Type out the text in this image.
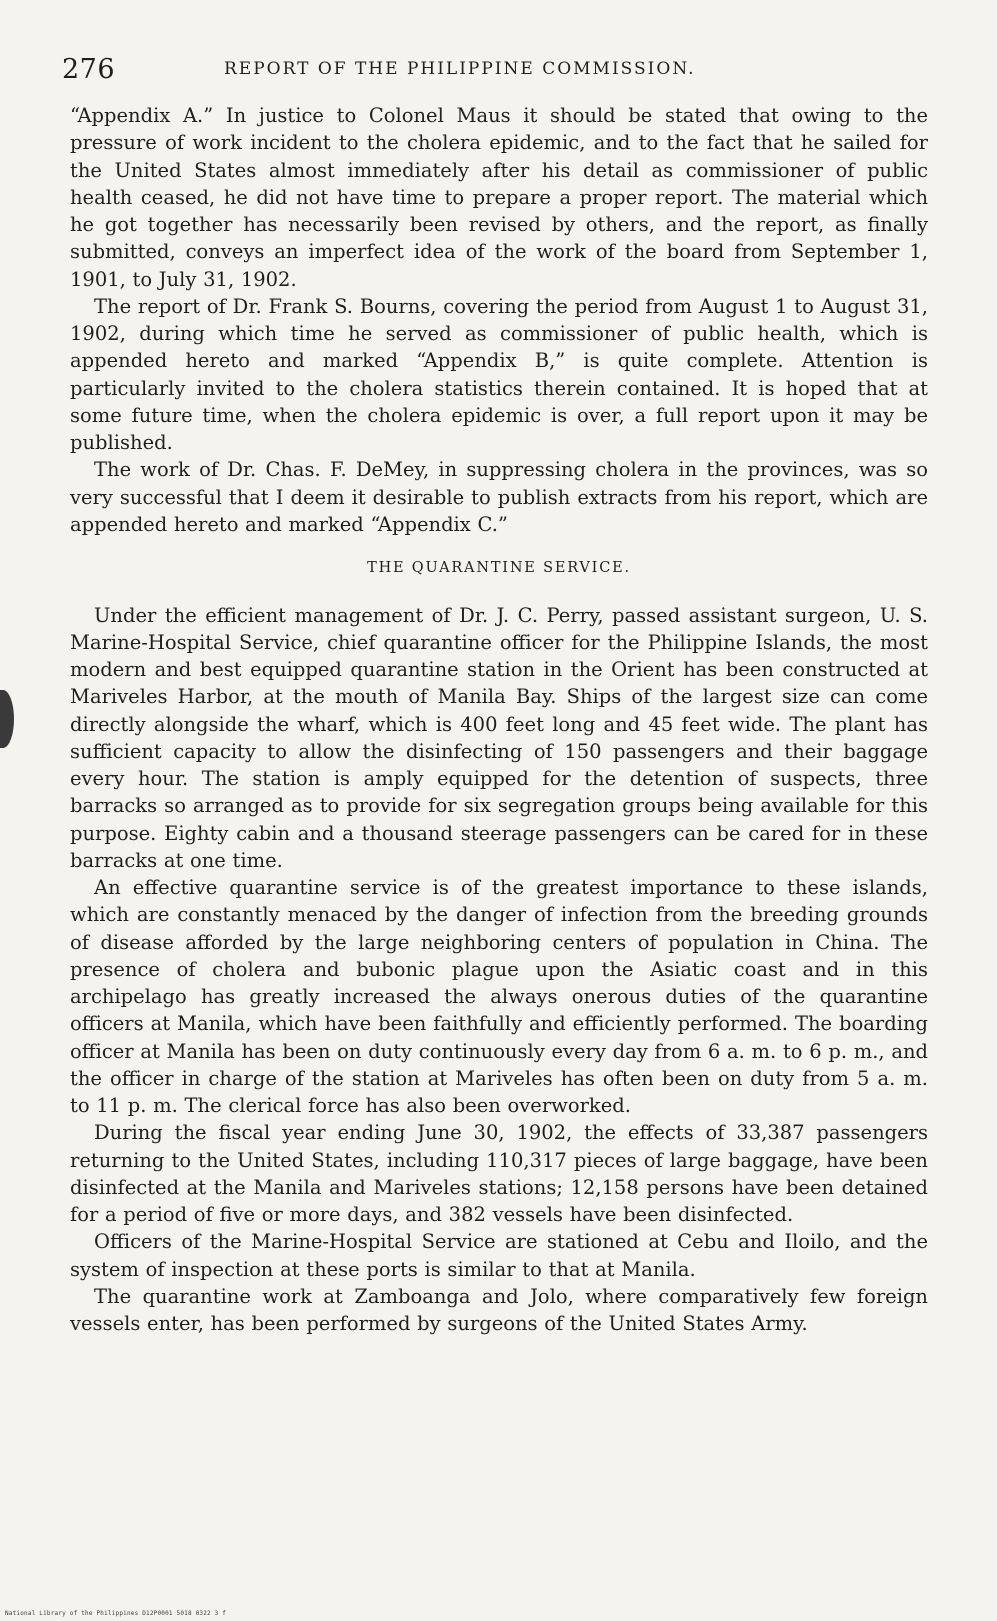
276	REPORT OF THE PHILIPPINE COMMISSION.

“Appendix A.” In justice to Colonel Maus it should be stated that owing to the pressure of work incident to the cholera epidemic, and to the fact that he sailed for the United States almost immediately after his detail as commissioner of public health ceased, he did not have time to prepare a proper report. The material which he got together has necessarily been revised by others, and the report, as finally submitted, conveys an imperfect idea of the work of the board from September 1, 1901, to July 31, 1902.

The report of Dr. Frank S. Bourns, covering the period from August 1 to August 31, 1902, during which time he served as commissioner of public health, which is appended hereto and marked “Appendix B,” is quite complete. Attention is particularly invited to the cholera statistics therein contained. It is hoped that at some future time, when the cholera epidemic is over, a full report upon it may be published.

The work of Dr. Chas. F. DeMey, in suppressing cholera in the provinces, was so very successful that I deem it desirable to publish extracts from his report, which are appended hereto and marked “Appendix C.”

THE QUARANTINE SERVICE.

Under the efficient management of Dr. J. C. Perry, passed assistant surgeon, U. S. Marine-Hospital Service, chief quarantine officer for the Philippine Islands, the most modern and best equipped quarantine station in the Orient has been constructed at Mariveles Harbor, at the mouth of Manila Bay. Ships of the largest size can come directly alongside the wharf, which is 400 feet long and 45 feet wide. The plant has sufficient capacity to allow the disinfecting of 150 passengers and their baggage every hour. The station is amply equipped for the detention of suspects, three barracks so arranged as to provide for six segregation groups being available for this purpose. Eighty cabin and a thousand steerage passengers can be cared for in these barracks at one time.

An effective quarantine service is of the greatest importance to these islands, which are constantly menaced by the danger of infection from the breeding grounds of disease afforded by the large neighboring centers of population in China. The presence of cholera and bubonic plague upon the Asiatic coast and in this archipelago has greatly increased the always onerous duties of the quarantine officers at Manila, which have been faithfully and efficiently performed. The boarding officer at Manila has been on duty continuously every day from 6 a. m. to 6 p. m., and the officer in charge of the station at Mariveles has often been on duty from 5 a. m. to 11 p. m. The clerical force has also been overworked.

During the fiscal year ending June 30, 1902, the effects of 33,387 passengers returning to the United States, including 110,317 pieces of large baggage, have been disinfected at the Manila and Mariveles stations; 12,158 persons have been detained for a period of five or more days, and 382 vessels have been disinfected.

Officers of the Marine-Hospital Service are stationed at Cebu and Iloilo, and the system of inspection at these ports is similar to that at Manila.

The quarantine work at Zamboanga and Jolo, where comparatively few foreign vessels enter, has been performed by surgeons of the United States Army.

National Library of the Philippines D12P0001 5018 0322 3 f
